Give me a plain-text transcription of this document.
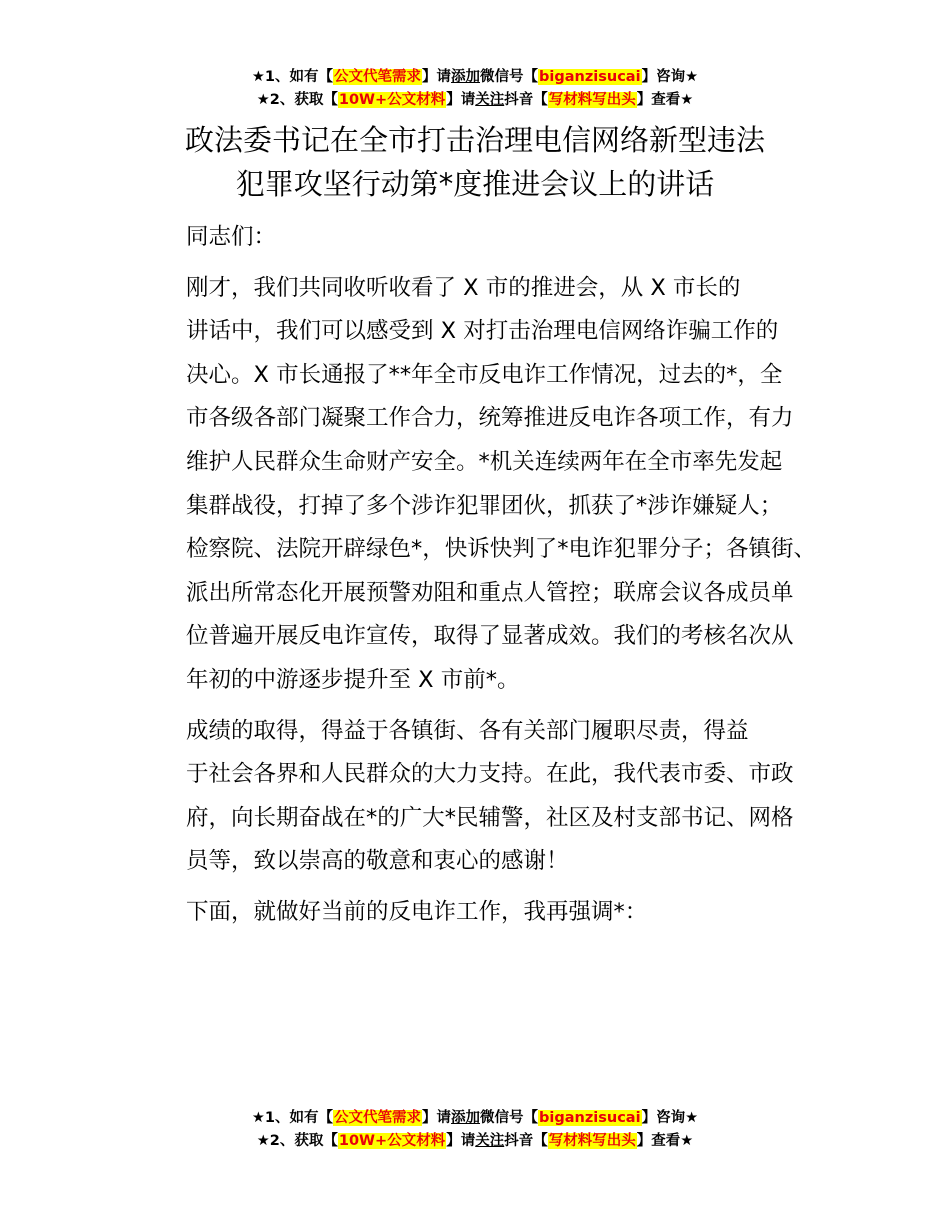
★1、如有【公文代笔需求】请添加微信号【biganzisucai】咨询★
★2、获取【10W+公文材料】请关注抖音【写材料写出头】查看★
政法委书记在全市打击治理电信网络新型违法
犯罪攻坚行动第*度推进会议上的讲话

同志们：

刚才，我们共同收听收看了 X 市的推进会，从 X 市长的
讲话中，我们可以感受到 X 对打击治理电信网络诈骗工作的
决心。X 市长通报了**年全市反电诈工作情况，过去的*，全
市各级各部门凝聚工作合力，统筹推进反电诈各项工作，有力
维护人民群众生命财产安全。*机关连续两年在全市率先发起
集群战役，打掉了多个涉诈犯罪团伙，抓获了*涉诈嫌疑人；
检察院、法院开辟绿色*，快诉快判了*电诈犯罪分子；各镇街、
派出所常态化开展预警劝阻和重点人管控；联席会议各成员单
位普遍开展反电诈宣传，取得了显著成效。我们的考核名次从
年初的中游逐步提升至 X 市前*。

成绩的取得，得益于各镇街、各有关部门履职尽责，得益
于社会各界和人民群众的大力支持。在此，我代表市委、市政
府，向长期奋战在*的广大*民辅警，社区及村支部书记、网格
员等，致以崇高的敬意和衷心的感谢！

下面，就做好当前的反电诈工作，我再强调*：

★1、如有【公文代笔需求】请添加微信号【biganzisucai】咨询★
★2、获取【10W+公文材料】请关注抖音【写材料写出头】查看★
